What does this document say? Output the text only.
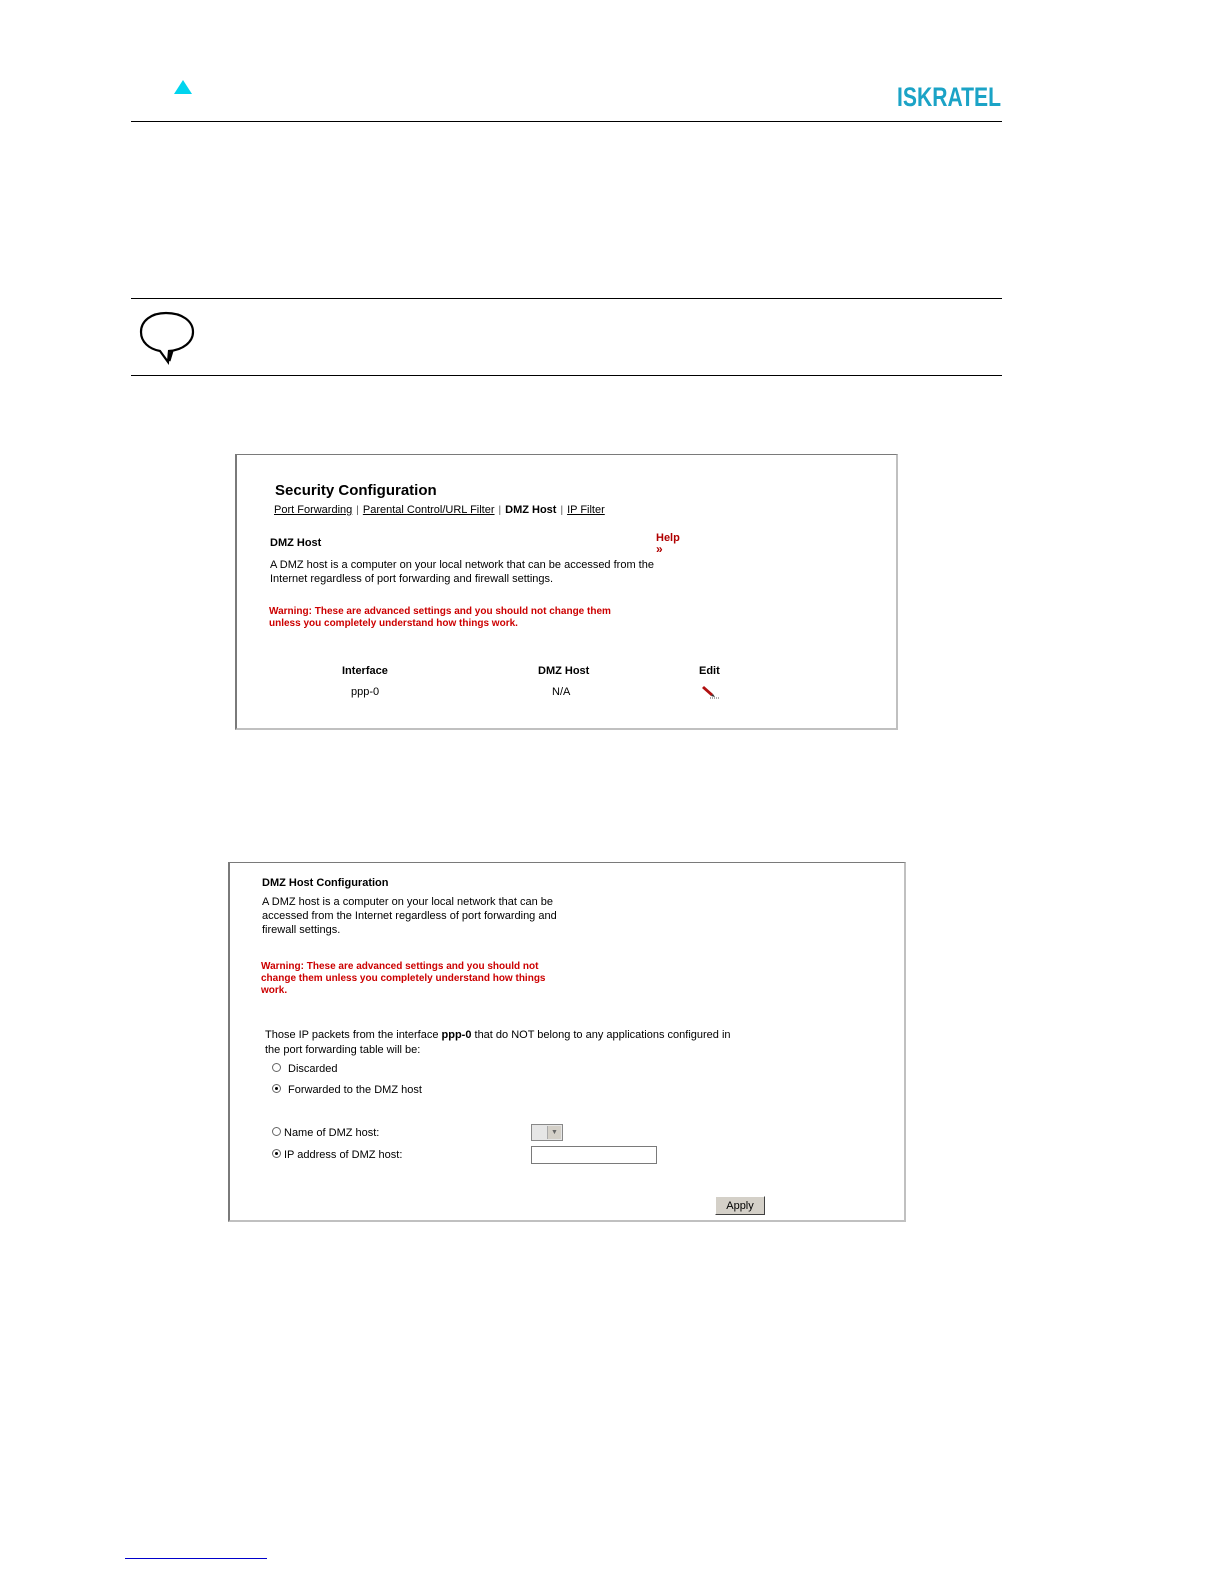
ISKRATEL
Security Configuration
Port Forwarding | Parental Control/URL Filter | DMZ Host | IP Filter
DMZ Host	Help
»
A DMZ host is a computer on your local network that can be accessed from the Internet regardless of port forwarding and firewall settings.
Warning: These are advanced settings and you should not change them unless you completely understand how things work.
Interface	DMZ Host	Edit
ppp-0	N/A
DMZ Host Configuration
A DMZ host is a computer on your local network that can be accessed from the Internet regardless of port forwarding and firewall settings.
Warning: These are advanced settings and you should not change them unless you completely understand how things work.
Those IP packets from the interface ppp-0 that do NOT belong to any applications configured in
the port forwarding table will be:
Discarded
Forwarded to the DMZ host
Name of DMZ host:	▼
IP address of DMZ host:
Apply
